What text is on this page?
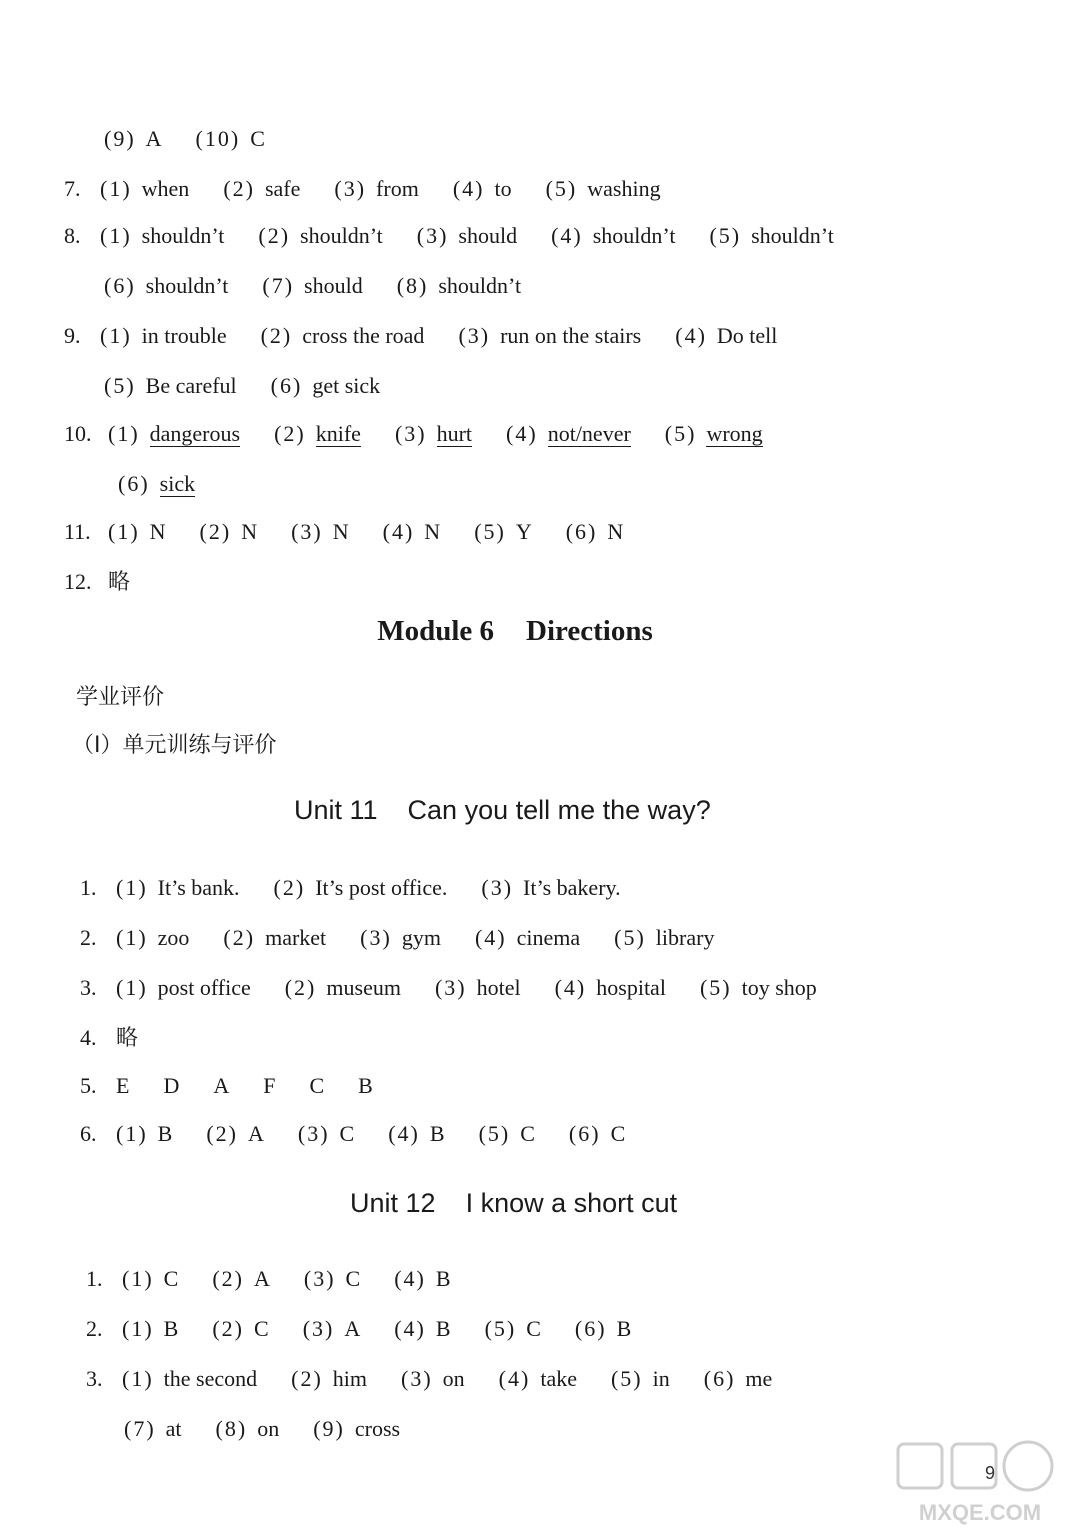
(9) A (10) C
7. (1) when (2) safe (3) from (4) to (5) washing
8. (1) shouldn’t (2) shouldn’t (3) should (4) shouldn’t (5) shouldn’t
(6) shouldn’t (7) should (8) shouldn’t
9. (1) in trouble (2) cross the road (3) run on the stairs (4) Do tell
(5) Be careful (6) get sick
10. (1) dangerous (2) knife (3) hurt (4) not/never (5) wrong
(6) sick
11. (1) N (2) N (3) N (4) N (5) Y (6) N
12. 略
Module 6 Directions
学业评价
（Ⅰ）单元训练与评价
Unit 11 Can you tell me the way?
1. (1) It’s bank. (2) It’s post office. (3) It’s bakery.
2. (1) zoo (2) market (3) gym (4) cinema (5) library
3. (1) post office (2) museum (3) hotel (4) hospital (5) toy shop
4. 略
5. E D A F C B
6. (1) B (2) A (3) C (4) B (5) C (6) C
Unit 12 I know a short cut
1. (1) C (2) A (3) C (4) B
2. (1) B (2) C (3) A (4) B (5) C (6) B
3. (1) the second (2) him (3) on (4) take (5) in (6) me
(7) at (8) on (9) cross
9
MXQE.COM
